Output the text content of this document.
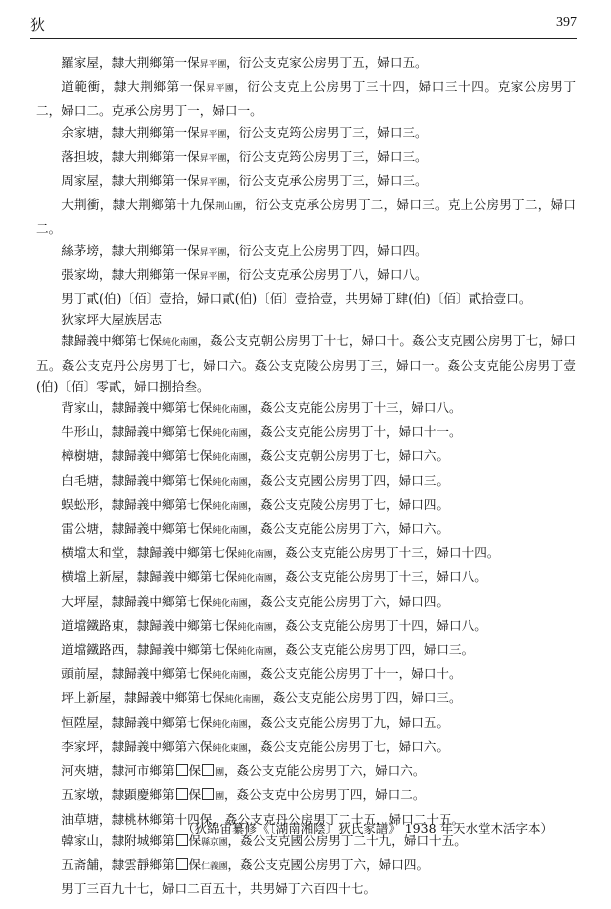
狄	397

羅家屋，隸大荆鄉第一保昇平團，衍公支克家公房男丁五，婦口五。

道範衝，隸大荆鄉第一保昇平團，衍公支克上公房男丁三十四，婦口三十四。克家公房男丁二，婦口二。克承公房男丁一，婦口一。

余家塘，隸大荆鄉第一保昇平團，衍公支克筠公房男丁三，婦口三。

落担坡，隸大荆鄉第一保昇平團，衍公支克筠公房男丁三，婦口三。

周家屋，隸大荆鄉第一保昇平團，衍公支克承公房男丁三，婦口三。

大荆衝，隸大荆鄉第十九保荆山團，衍公支克承公房男丁二，婦口三。克上公房男丁二，婦口二。

絲茅塝，隸大荆鄉第一保昇平團，衍公支克上公房男丁四，婦口四。

張家坳，隸大荆鄉第一保昇平團，衍公支克承公房男丁八，婦口八。

男丁貳(伯)〔佰〕壹拾，婦口貳(伯)〔佰〕壹拾壹，共男婦丁肆(伯)〔佰〕貳拾壹口。

狄家坪大屋族居志

隸歸義中鄉第七保純化南團，姦公支克朝公房男丁十七，婦口十。姦公支克國公房男丁七，婦口五。姦公支克丹公房男丁七，婦口六。姦公支克陵公房男丁三，婦口一。姦公支克能公房男丁壹(伯)〔佰〕零貳，婦口捌拾叁。

背家山，隸歸義中鄉第七保純化南團，姦公支克能公房男丁十三，婦口八。

牛形山，隸歸義中鄉第七保純化南團，姦公支克能公房男丁十，婦口十一。

樟樹塘，隸歸義中鄉第七保純化南團，姦公支克朝公房男丁七，婦口六。

白毛塘，隸歸義中鄉第七保純化南團，姦公支克國公房男丁四，婦口三。

蜈蚣形，隸歸義中鄉第七保純化南團，姦公支克陵公房男丁七，婦口四。

雷公塘，隸歸義中鄉第七保純化南團，姦公支克能公房男丁六，婦口六。

横壋太和堂，隸歸義中鄉第七保純化南團，姦公支克能公房男丁十三，婦口十四。

横壋上新屋，隸歸義中鄉第七保純化南團，姦公支克能公房男丁十三，婦口八。

大坪屋，隸歸義中鄉第七保純化南團，姦公支克能公房男丁六，婦口四。

道壋鐵路東，隸歸義中鄉第七保純化南團，姦公支克能公房男丁十四，婦口八。

道壋鐵路西，隸歸義中鄉第七保純化南團，姦公支克能公房男丁四，婦口三。

頭前屋，隸歸義中鄉第七保純化南團，姦公支克能公房男丁十一，婦口十。

坪上新屋，隸歸義中鄉第七保純化南團，姦公支克能公房男丁四，婦口三。

恒陞屋，隸歸義中鄉第七保純化南團，姦公支克能公房男丁九，婦口五。

李家坪，隸歸義中鄉第六保純化東團，姦公支克能公房男丁七，婦口六。

河夾塘，隸河市鄉第 保 團，姦公支克能公房男丁六，婦口六。

五家墩，隸顕慶鄉第 保 團，姦公支克中公房男丁四，婦口二。

油草塘，隸桃林鄉第十四保，姦公支克丹公房男丁二十五，婦口二十五。

韓家山，隸附城鄉第 保縣京團，姦公支克國公房男丁二十九，婦口十五。

五斋舗，隸雲靜鄉第 保仁義團，姦公支克國公房男丁六，婦口四。

男丁三百九十七，婦口二百五十，共男婦丁六百四十七。

（狄綿宙纂修《〔湖南湘陰〕狄氏家譜》 1938 年天水堂木活字本）
